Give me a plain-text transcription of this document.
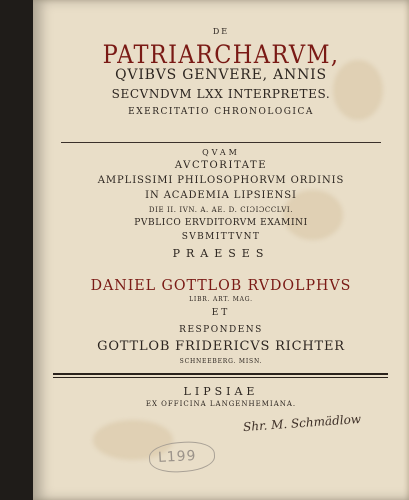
DE
PATRIARCHARVM,
QVIBVS GENVERE, ANNIS
SECVNDVM LXX INTERPRETES.
EXERCITATIO CHRONOLOGICA
QVAM
AVCTORITATE
AMPLISSIMI PHILOSOPHORVM ORDINIS
IN ACADEMIA LIPSIENSI
DIE II. IVN. A. AE. D. CIƆIƆCCLVI.
PVBLICO ERVDITORVM EXAMINI
SVBMITTVNT
PRAESES
DANIEL GOTTLOB RVDOLPHVS
LIBR. ART. MAG.
ET
RESPONDENS
GOTTLOB FRIDERICVS RICHTER
SCHNEEBERG. MISN.
LIPSIAE
EX OFFICINA LANGENHEMIANA.
Shr. M. Schmädlow
L199
